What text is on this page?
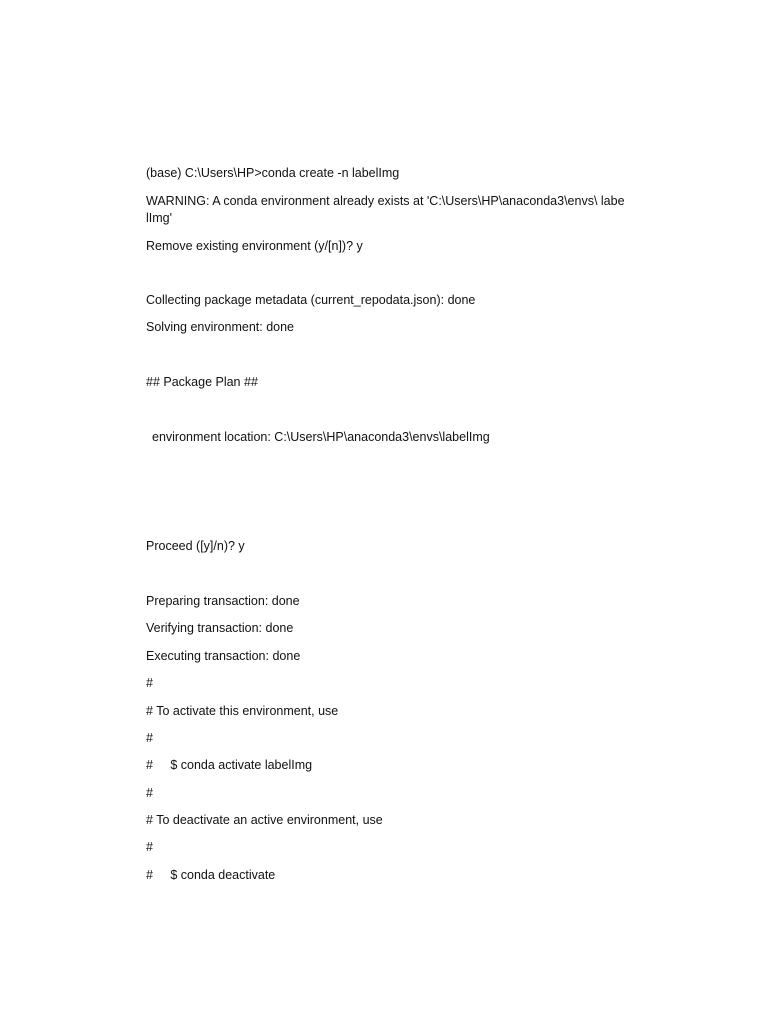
(base) C:\Users\HP>conda create -n labelImg
WARNING: A conda environment already exists at 'C:\Users\HP\anaconda3\envs\ labelImg'
Remove existing environment (y/[n])? y
Collecting package metadata (current_repodata.json): done
Solving environment: done
## Package Plan ##
environment location: C:\Users\HP\anaconda3\envs\labelImg
Proceed ([y]/n)? y
Preparing transaction: done
Verifying transaction: done
Executing transaction: done
#
# To activate this environment, use
#
#     $ conda activate labelImg
#
# To deactivate an active environment, use
#
#     $ conda deactivate
